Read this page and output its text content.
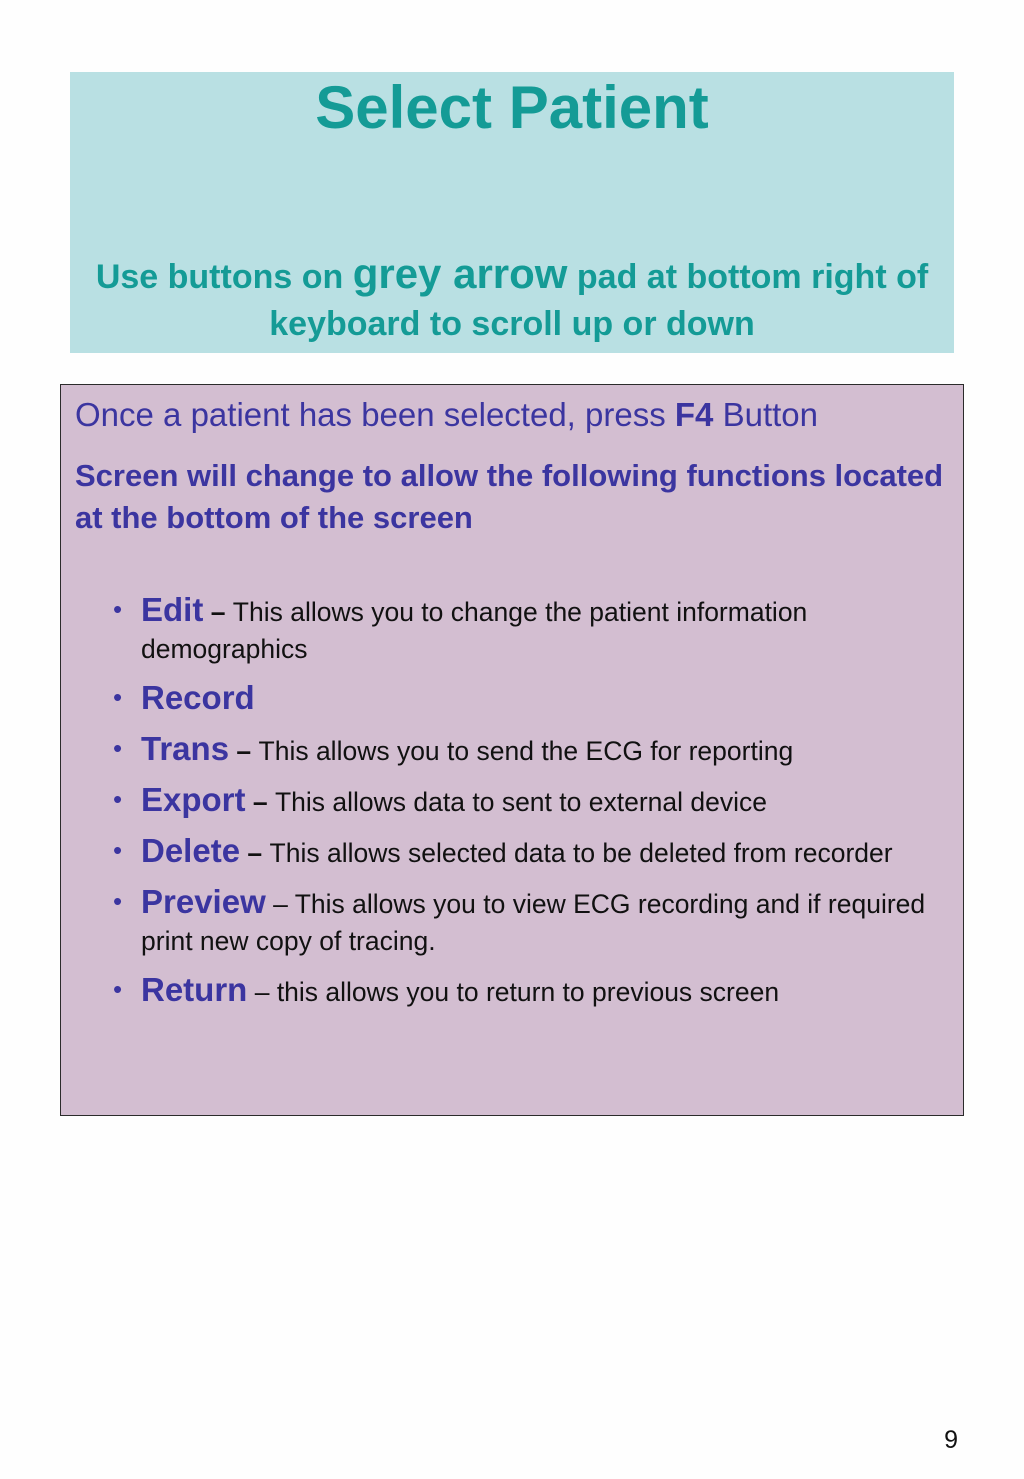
Select Patient

Use buttons on grey arrow pad at bottom right of keyboard to scroll up or down

Once a patient has been selected, press F4 Button

Screen will change to allow the following functions located at the bottom of the screen

• Edit – This allows you to change the patient information demographics
• Record
• Trans – This allows you to send the ECG for reporting
• Export – This allows data to sent to external device
• Delete – This allows selected data to be deleted from recorder
• Preview – This allows you to view ECG recording and if required print new copy of tracing.
• Return – this allows you to return to previous screen
9
